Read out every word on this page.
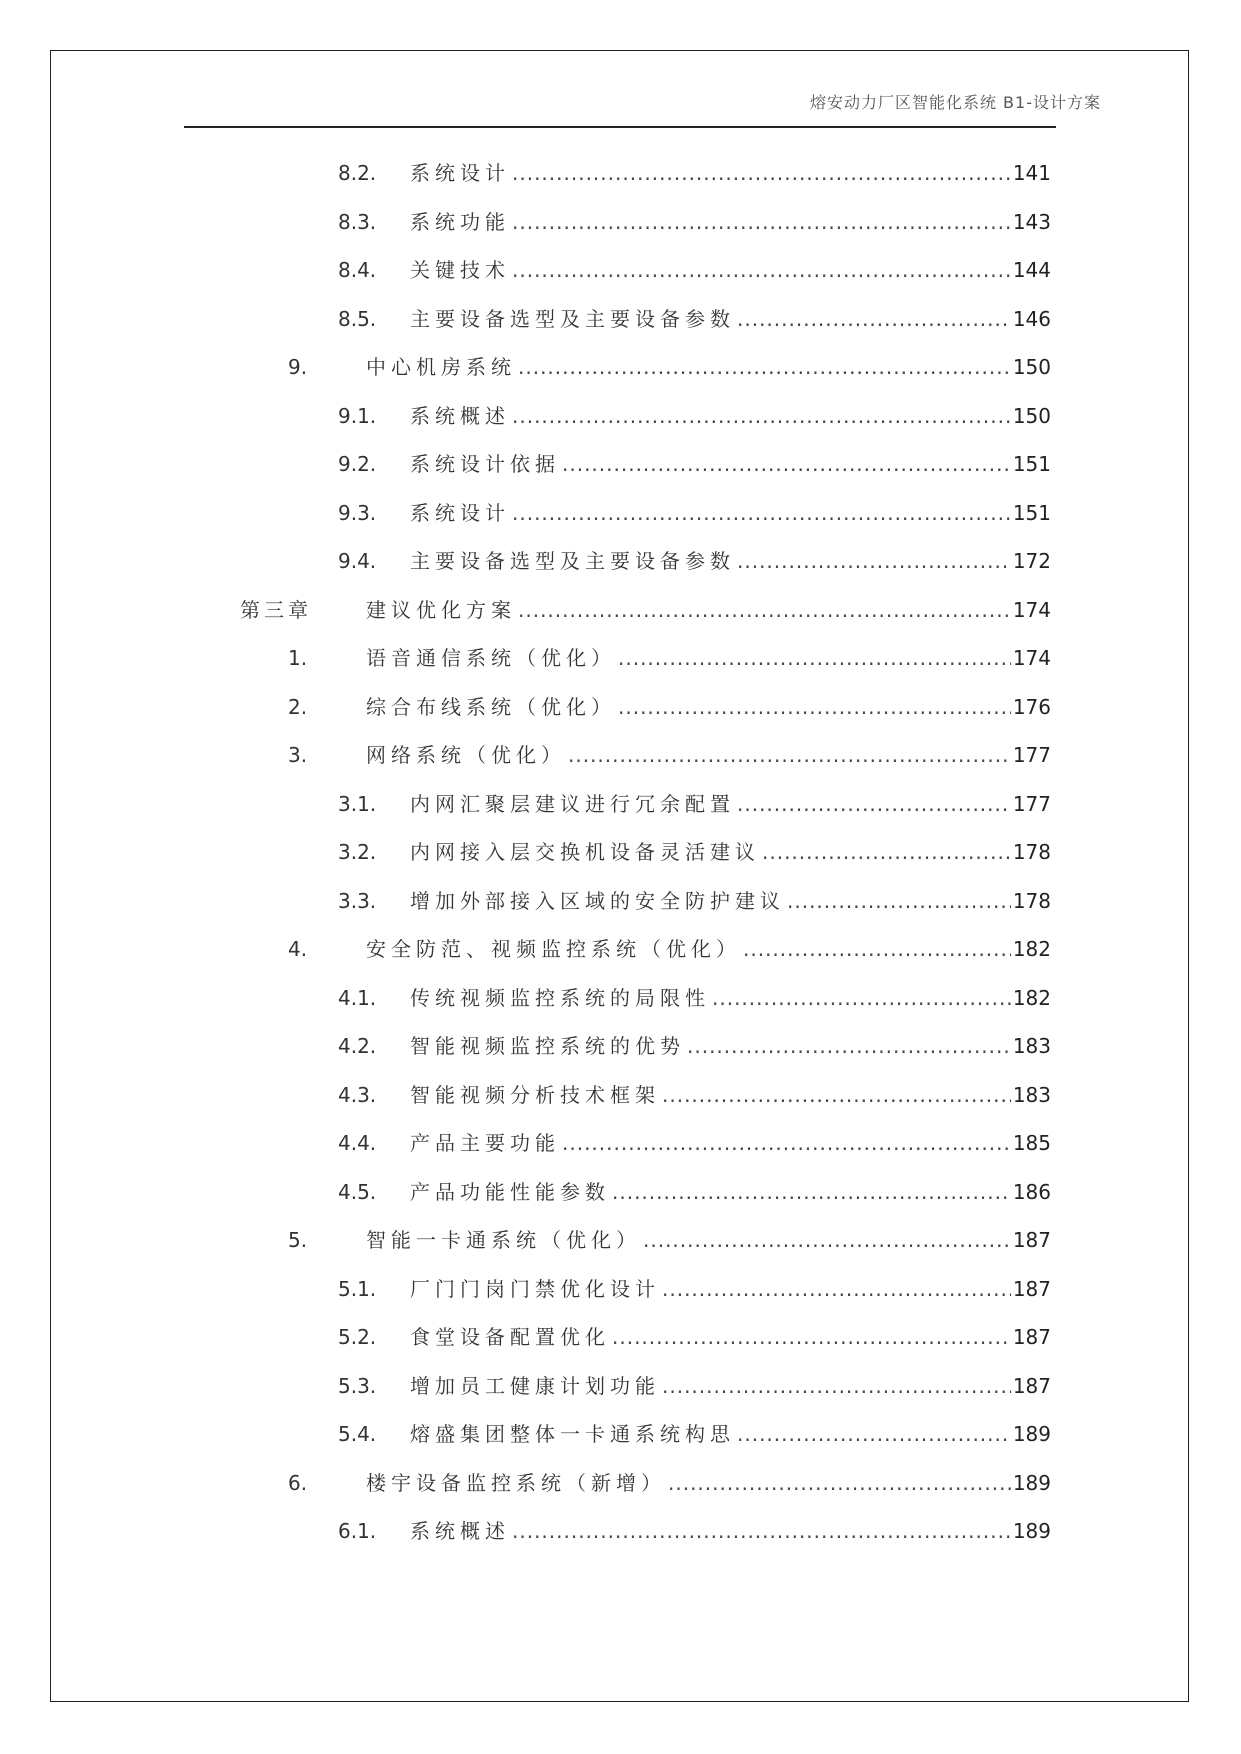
熔安动力厂区智能化系统 B1-设计方案
8.2. 系统设计 .....	141
8.3. 系统功能 .....	143
8.4. 关键技术 .....	144
8.5. 主要设备选型及主要设备参数 .....	146
9.	中心机房系统 .....	150
9.1. 系统概述 .....	150
9.2. 系统设计依据 .....	151
9.3. 系统设计 .....	151
9.4. 主要设备选型及主要设备参数 .....	172
第三章	建议优化方案 .....	174
1.	语音通信系统（优化） .....	174
2.	综合布线系统（优化） .....	176
3.	网络系统（优化） .....	177
3.1. 内网汇聚层建议进行冗余配置 .....	177
3.2. 内网接入层交换机设备灵活建议 .....	178
3.3. 增加外部接入区域的安全防护建议 .....	178
4.	安全防范、视频监控系统（优化） .....	182
4.1. 传统视频监控系统的局限性 .....	182
4.2. 智能视频监控系统的优势 .....	183
4.3. 智能视频分析技术框架 .....	183
4.4. 产品主要功能 .....	185
4.5. 产品功能性能参数 .....	186
5.	智能一卡通系统（优化） .....	187
5.1. 厂门门岗门禁优化设计 .....	187
5.2. 食堂设备配置优化 .....	187
5.3. 增加员工健康计划功能 .....	187
5.4. 熔盛集团整体一卡通系统构思 .....	189
6.	楼宇设备监控系统（新增） .....	189
6.1. 系统概述 .....	189
